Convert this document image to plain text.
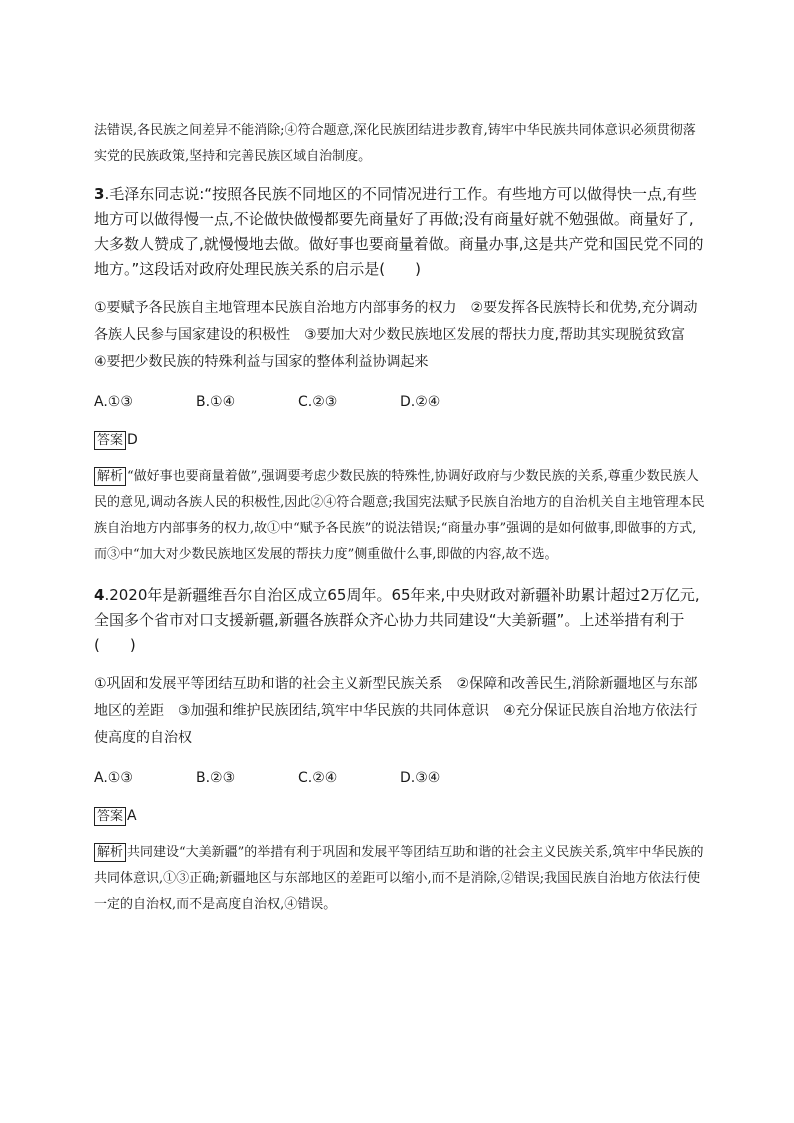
法错误,各民族之间差异不能消除;④符合题意,深化民族团结进步教育,铸牢中华民族共同体意识必须贯彻落实党的民族政策,坚持和完善民族区域自治制度。

3.毛泽东同志说:“按照各民族不同地区的不同情况进行工作。有些地方可以做得快一点,有些地方可以做得慢一点,不论做快做慢都要先商量好了再做;没有商量好就不勉强做。商量好了,大多数人赞成了,就慢慢地去做。做好事也要商量着做。商量办事,这是共产党和国民党不同的地方。”这段话对政府处理民族关系的启示是(　　)

①要赋予各民族自主地管理本民族自治地方内部事务的权力　②要发挥各民族特长和优势,充分调动各族人民参与国家建设的积极性　③要加大对少数民族地区发展的帮扶力度,帮助其实现脱贫致富　④要把少数民族的特殊利益与国家的整体利益协调起来

A.①③	B.①④	C.②③	D.②④

答案 D

解析 “做好事也要商量着做”,强调要考虑少数民族的特殊性,协调好政府与少数民族的关系,尊重少数民族人民的意见,调动各族人民的积极性,因此②④符合题意;我国宪法赋予民族自治地方的自治机关自主地管理本民族自治地方内部事务的权力,故①中“赋予各民族”的说法错误;“商量办事”强调的是如何做事,即做事的方式,而③中“加大对少数民族地区发展的帮扶力度”侧重做什么事,即做的内容,故不选。

4.2020年是新疆维吾尔自治区成立65周年。65年来,中央财政对新疆补助累计超过2万亿元,全国多个省市对口支援新疆,新疆各族群众齐心协力共同建设“大美新疆”。上述举措有利于(　　)

①巩固和发展平等团结互助和谐的社会主义新型民族关系　②保障和改善民生,消除新疆地区与东部地区的差距　③加强和维护民族团结,筑牢中华民族的共同体意识　④充分保证民族自治地方依法行使高度的自治权

A.①③	B.②③	C.②④	D.③④

答案 A

解析 共同建设“大美新疆”的举措有利于巩固和发展平等团结互助和谐的社会主义民族关系,筑牢中华民族的共同体意识,①③正确;新疆地区与东部地区的差距可以缩小,而不是消除,②错误;我国民族自治地方依法行使一定的自治权,而不是高度自治权,④错误。
